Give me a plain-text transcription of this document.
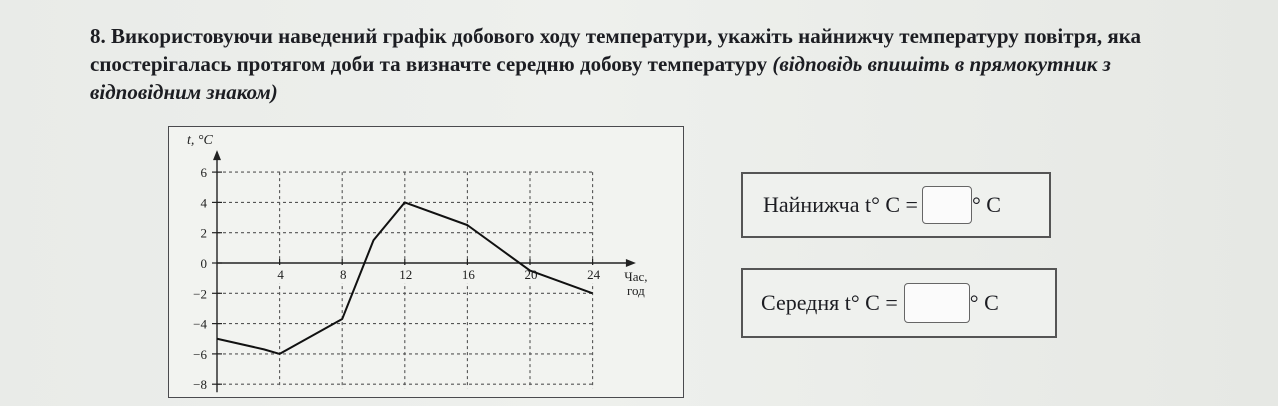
8. Використовуючи наведений графік добового ходу температури, укажіть найнижчу температуру повітря, яка спостерігалась протягом доби та визначте середню добову температуру (відповідь впишіть в прямокутник з відповідним знаком)
6
4
2
0
−2
−4
−6
−8
4	8	12	16	20	24
t, °C
Час,
год
Найнижча t° C = ° C
Середня t° C =	° C
